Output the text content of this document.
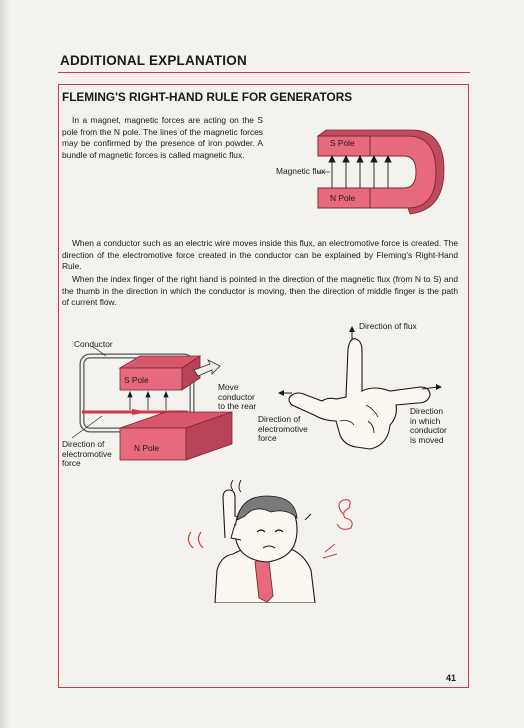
ADDITIONAL EXPLANATION
FLEMING'S RIGHT-HAND RULE FOR GENERATORS

In a magnet, magnetic forces are acting on the S pole from the N pole. The lines of the magnetic forces may be confirmed by the presence of iron powder. A bundle of magnetic forces is called magnetic flux.

When a conductor such as an electric wire moves inside this flux, an electromotive force is created. The direction of the electromotive force created in the conductor can be explained by Fleming's Right-Hand Rule.

When the index finger of the right hand is pointed in the direction of the magnetic flux (from N to S) and the thumb in the direction in which the conductor is moving, then the direction of middle finger is the path of current flow.

S Pole
N Pole
Magnetic flux
Conductor
S Pole
N Pole
Move
conductor
to the rear
Direction of
electromotive
force
Direction of flux
Direction of
electromotive
force
Direction
in which
conductor
is moved
41
